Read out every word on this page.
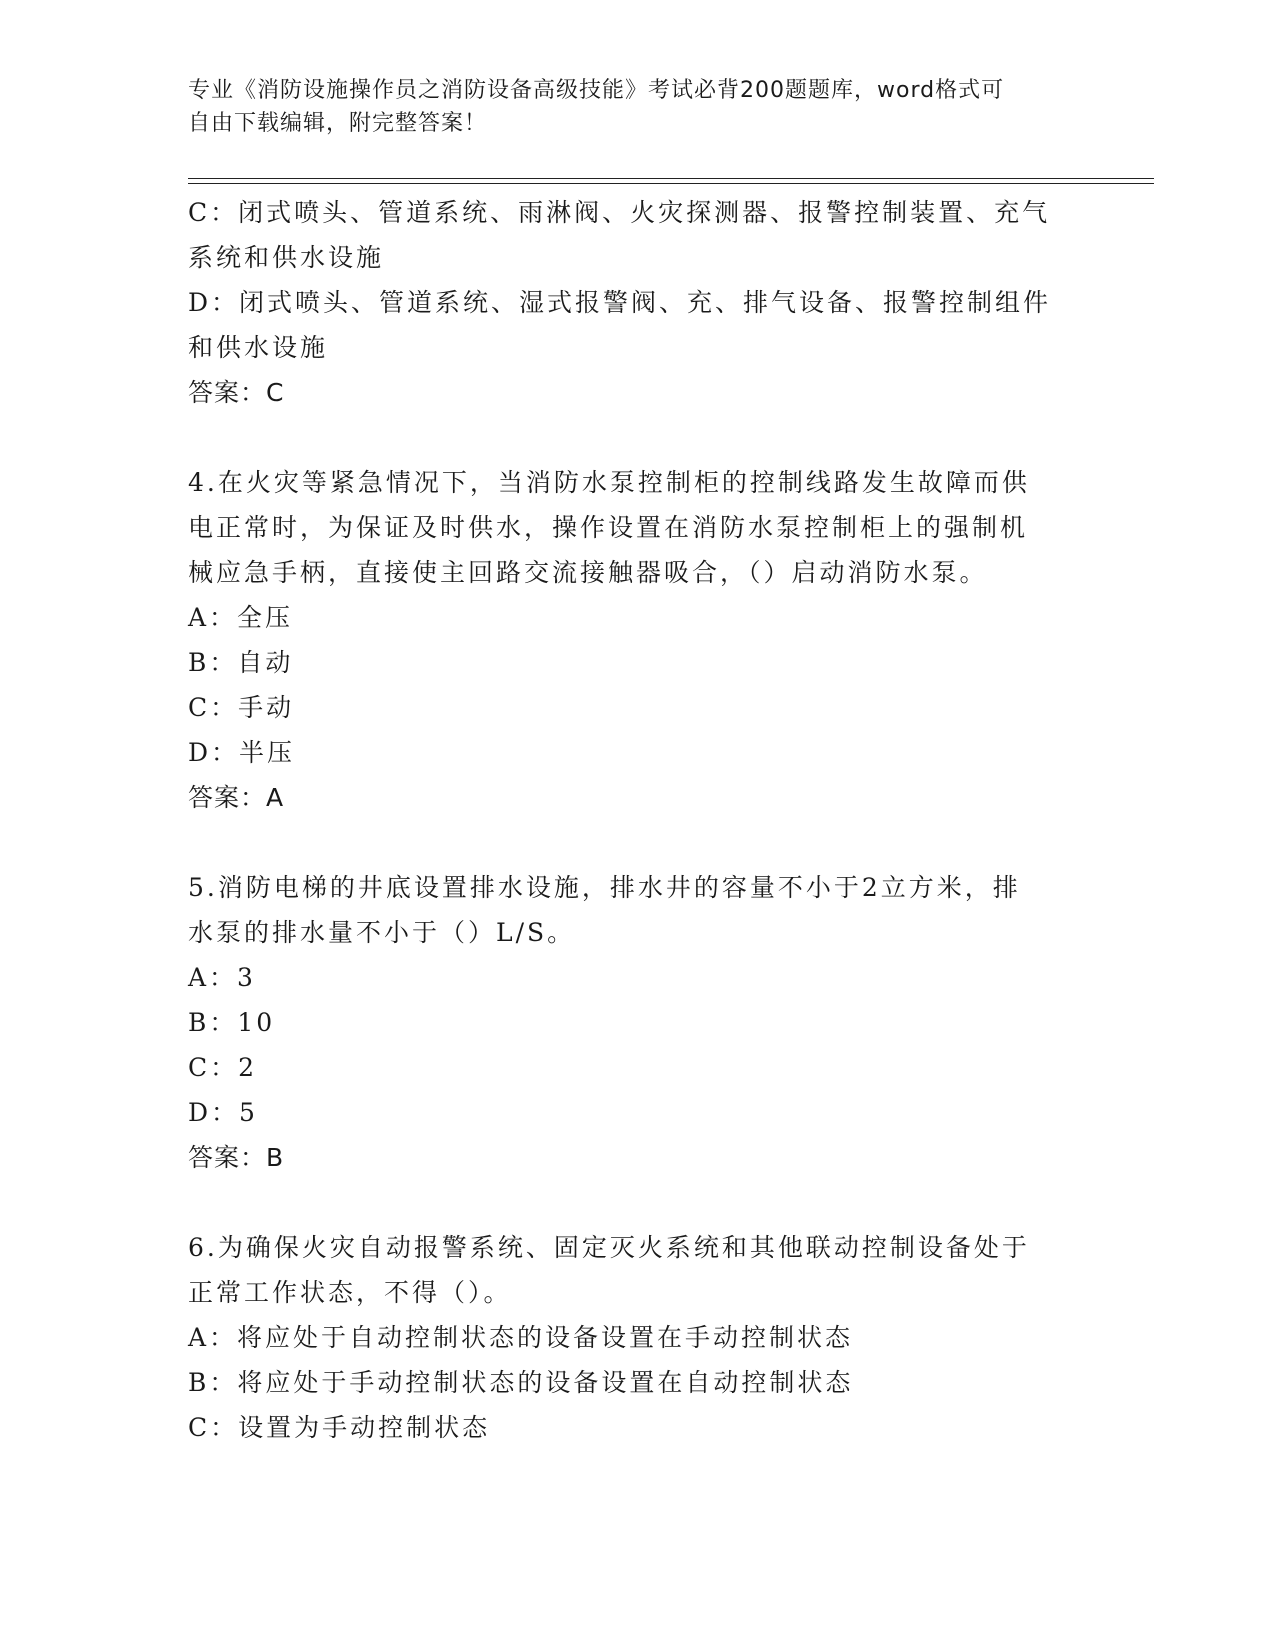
专业《消防设施操作员之消防设备高级技能》考试必背200题题库，word格式可
自由下载编辑，附完整答案！
C：闭式喷头、管道系统、雨淋阀、火灾探测器、报警控制装置、充气
系统和供水设施
D：闭式喷头、管道系统、湿式报警阀、充、排气设备、报警控制组件
和供水设施
答案：C
4.在火灾等紧急情况下，当消防水泵控制柜的控制线路发生故障而供
电正常时，为保证及时供水，操作设置在消防水泵控制柜上的强制机
械应急手柄，直接使主回路交流接触器吸合，（）启动消防水泵。
A：全压
B：自动
C：手动
D：半压
答案：A
5.消防电梯的井底设置排水设施，排水井的容量不小于2立方米，排
水泵的排水量不小于（）L/S。
A：3
B：10
C：2
D：5
答案：B
6.为确保火灾自动报警系统、固定灭火系统和其他联动控制设备处于
正常工作状态，不得（）。
A：将应处于自动控制状态的设备设置在手动控制状态
B：将应处于手动控制状态的设备设置在自动控制状态
C：设置为手动控制状态
